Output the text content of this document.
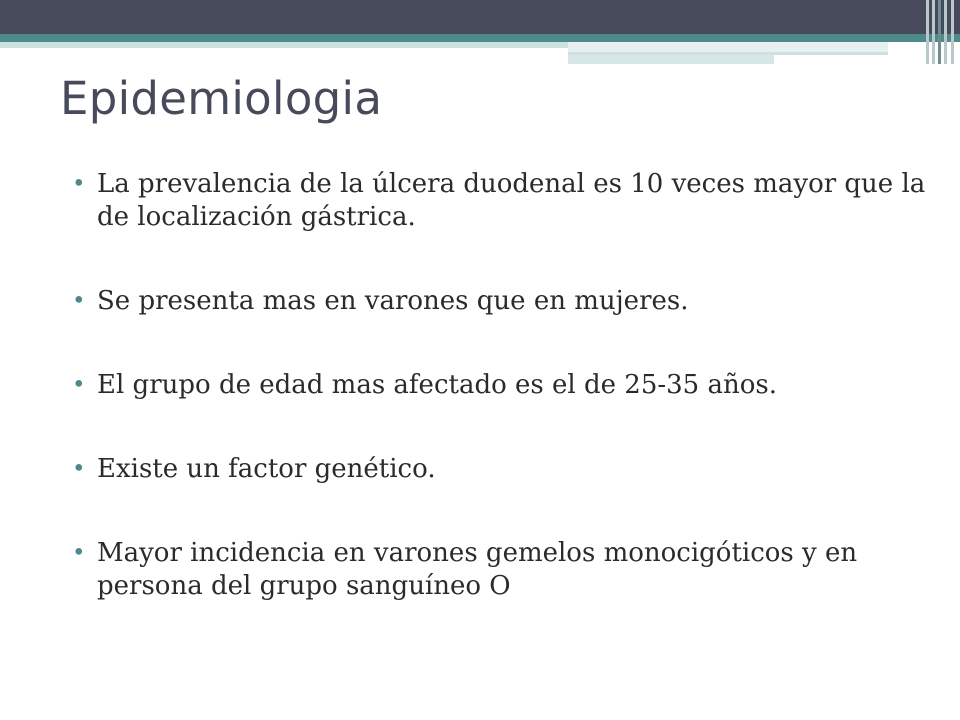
Epidemiologia
• La prevalencia de la úlcera duodenal es 10 veces mayor que la de localización gástrica.
• Se presenta mas en varones que en mujeres.
• El grupo de edad mas afectado es el de 25-35 años.
• Existe un factor genético.
• Mayor incidencia en varones gemelos monocigóticos y en persona del grupo sanguíneo O
